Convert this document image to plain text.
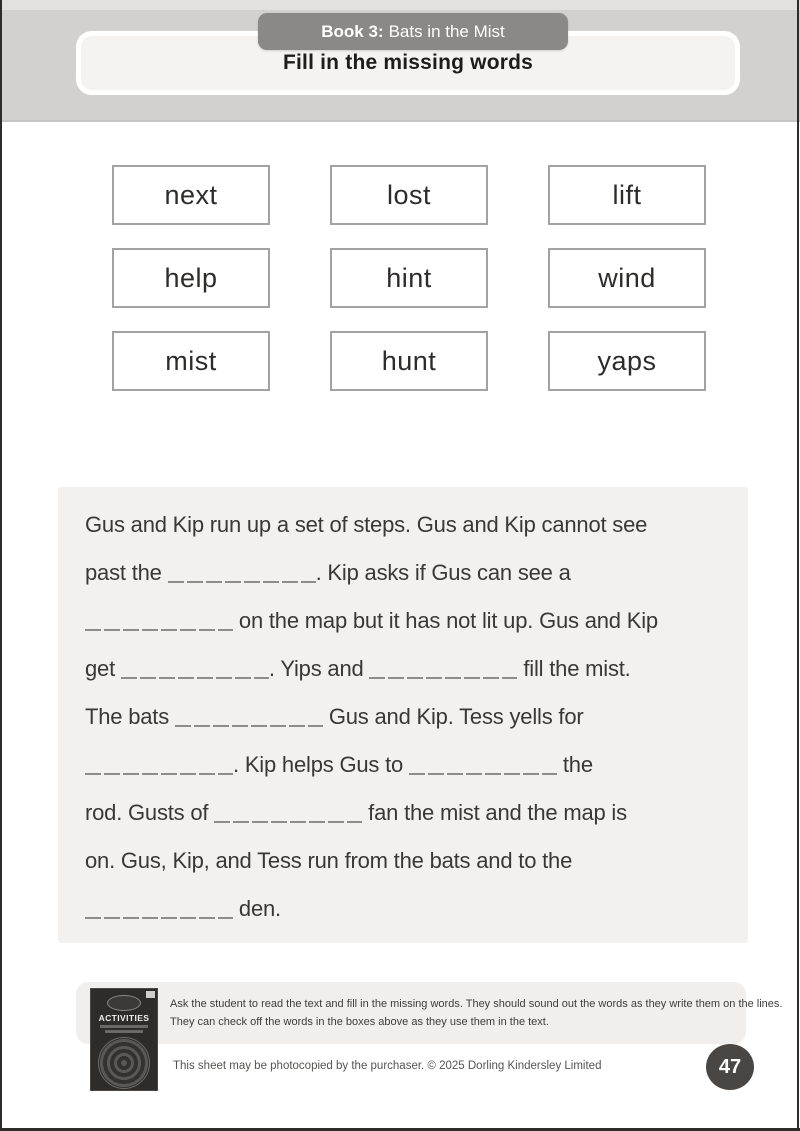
Fill in the missing words
Book 3: Bats in the Mist
next	lost	lift
help	hint	wind
mist	hunt	yaps
Gus and Kip run up a set of steps. Gus and Kip cannot see
past the	. Kip asks if Gus can see a
on the map but it has not lit up. Gus and Kip
get	. Yips and	fill the mist.
The bats	Gus and Kip. Tess yells for
. Kip helps Gus to	the
rod. Gusts of	fan the mist and the map is
on. Gus, Kip, and Tess run from the bats and to the
den.
Ask the student to read the text and fill in the missing words. They should sound out the words as they write them on the lines.
They can check off the words in the boxes above as they use them in the text.
ACTIVITIES
This sheet may be photocopied by the purchaser. © 2025 Dorling Kindersley Limited	47
